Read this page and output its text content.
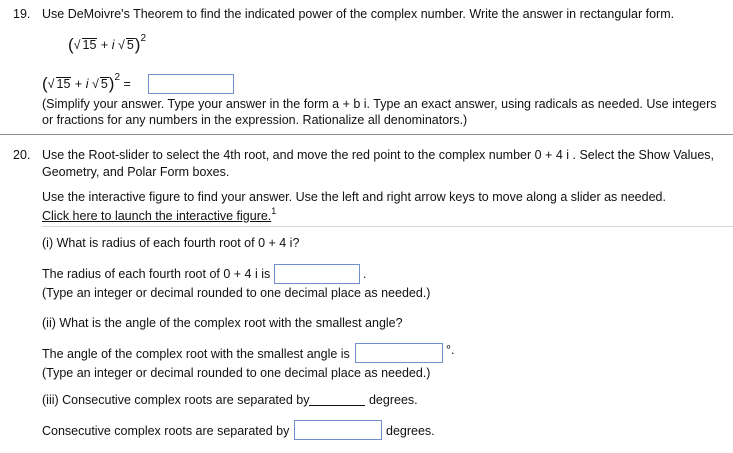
19. Use DeMoivre's Theorem to find the indicated power of the complex number. Write the answer in rectangular form.
(√ 15 + i √ 5)$^2$
(√ 15 + i √ 5)$^2$ =
(Simplify your answer. Type your answer in the form a + b i. Type an exact answer, using radicals as needed. Use integers
or fractions for any numbers in the expression. Rationalize all denominators.)
20. Use the Root-slider to select the 4th root, and move the red point to the complex number 0 + 4 i . Select the Show Values,
Geometry, and Polar Form boxes.
Use the interactive figure to find your answer. Use the left and right arrow keys to move along a slider as needed.
Click here to launch the interactive figure.$^1$
(i) What is radius of each fourth root of 0 + 4 i?
The radius of each fourth root of 0 + 4 i is	.
(Type an integer or decimal rounded to one decimal place as needed.)
(ii) What is the angle of the complex root with the smallest angle?
The angle of the complex root with the smallest angle is	°.
(Type an integer or decimal rounded to one decimal place as needed.)
(iii) Consecutive complex roots are separated by	degrees.
Consecutive complex roots are separated by	degrees.
